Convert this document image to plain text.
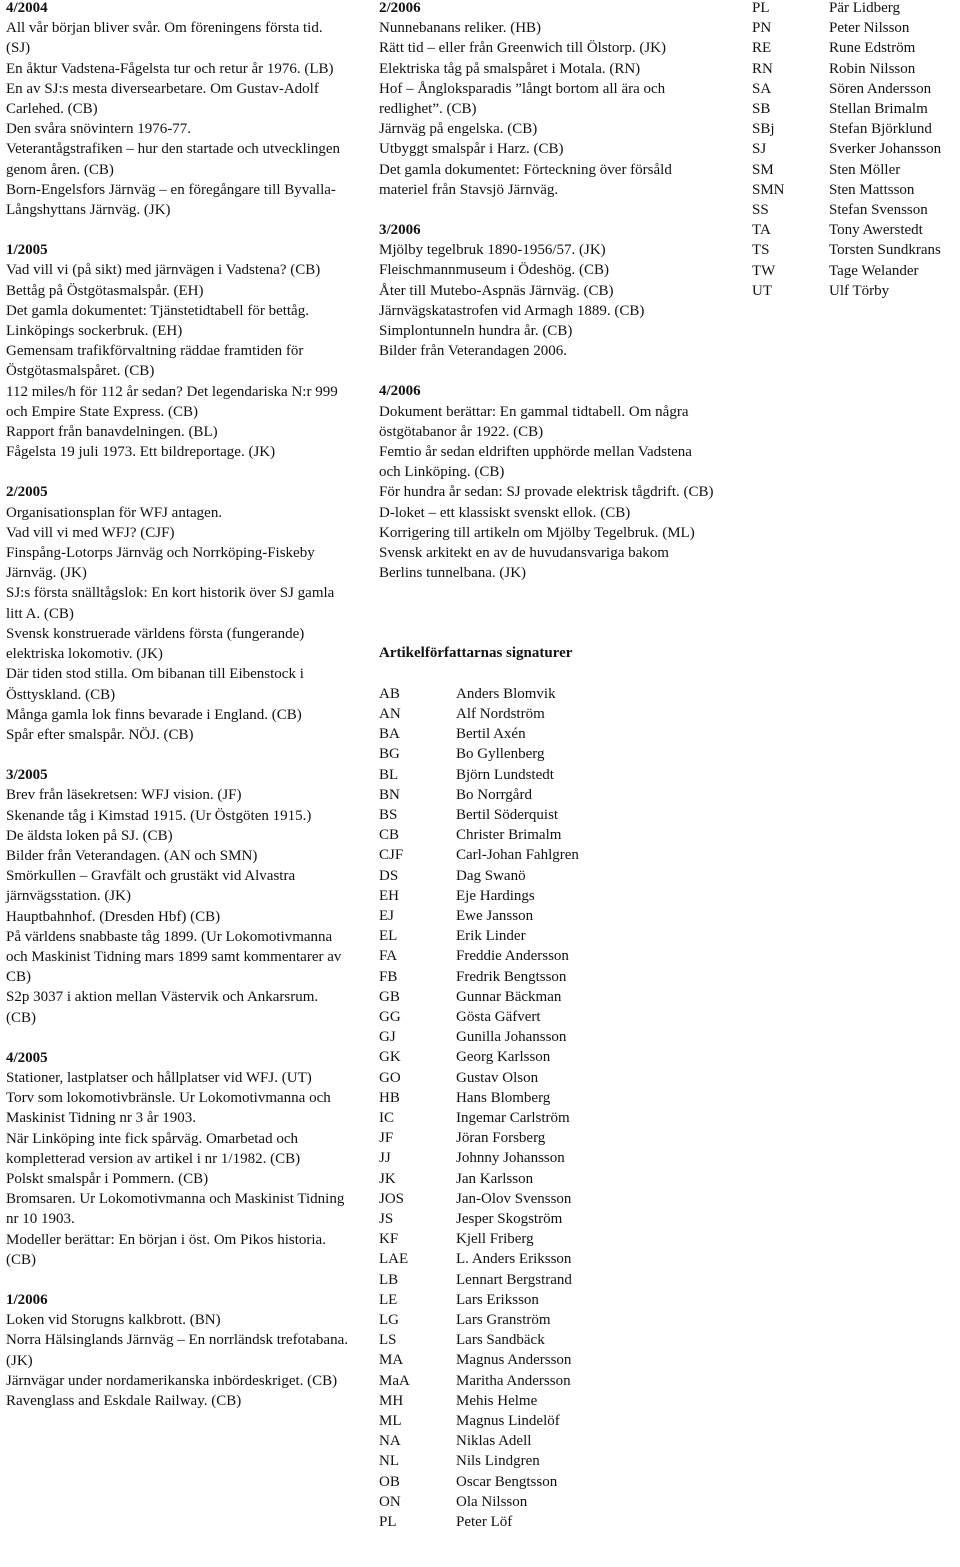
4/2004
All vår början bliver svår. Om föreningens första tid. (SJ)
En åktur Vadstena-Fågelsta tur och retur år 1976. (LB)
En av SJ:s mesta diversearbetare. Om Gustav-Adolf Carlehed. (CB)
Den svåra snövintern 1976-77.
Veterantågstrafiken – hur den startade och utvecklingen genom åren. (CB)
Born-Engelsfors Järnväg – en föregångare till Byvalla-Långshyttans Järnväg. (JK)
1/2005
Vad vill vi (på sikt) med järnvägen i Vadstena? (CB)
Bettåg på Östgötasmalspår. (EH)
Det gamla dokumentet: Tjänstetidtabell för bettåg.
Linköpings sockerbruk. (EH)
Gemensam trafikförvaltning räddae framtiden för Östgötasmalspåret. (CB)
112 miles/h för 112 år sedan? Det legendariska N:r 999 och Empire State Express. (CB)
Rapport från banavdelningen. (BL)
Fågelsta 19 juli 1973. Ett bildreportage. (JK)
2/2005
Organisationsplan för WFJ antagen.
Vad vill vi med WFJ? (CJF)
Finspång-Lotorps Järnväg och Norrköping-Fiskeby Järnväg. (JK)
SJ:s första snälltågslok: En kort historik över SJ gamla litt A. (CB)
Svensk konstruerade världens första (fungerande) elektriska lokomotiv. (JK)
Där tiden stod stilla. Om bibanan till Eibenstock i Östtyskland. (CB)
Många gamla lok finns bevarade i England. (CB)
Spår efter smalspår. NÖJ. (CB)
3/2005
Brev från läsekretsen: WFJ vision. (JF)
Skenande tåg i Kimstad 1915. (Ur Östgöten 1915.)
De äldsta loken på SJ. (CB)
Bilder från Veterandagen. (AN och SMN)
Smörkullen – Gravfält och grustäkt vid Alvastra järnvägsstation. (JK)
Hauptbahnhof. (Dresden Hbf) (CB)
På världens snabbaste tåg 1899. (Ur Lokomotivmanna och Maskinist Tidning mars 1899 samt kommentarer av CB)
S2p 3037 i aktion mellan Västervik och Ankarsrum. (CB)
4/2005
Stationer, lastplatser och hållplatser vid WFJ. (UT)
Torv som lokomotivbränsle. Ur Lokomotivmanna och Maskinist Tidning nr 3 år 1903.
När Linköping inte fick spårväg. Omarbetad och kompletterad version av artikel i nr 1/1982. (CB)
Polskt smalspår i Pommern. (CB)
Bromsaren. Ur Lokomotivmanna och Maskinist Tidning nr 10 1903.
Modeller berättar: En början i öst. Om Pikos historia. (CB)
1/2006
Loken vid Storugns kalkbrott. (BN)
Norra Hälsinglands Järnväg – En norrländsk trefotabana. (JK)
Järnvägar under nordamerikanska inbördeskriget. (CB)
Ravenglass and Eskdale Railway. (CB)
2/2006
Nunnebanans reliker. (HB)
Rätt tid – eller från Greenwich till Ölstorp. (JK)
Elektriska tåg på smalspåret i Motala. (RN)
Hof – Ångloksparadis ”långt bortom all ära och redlighet”. (CB)
Järnväg på engelska. (CB)
Utbyggt smalspår i Harz. (CB)
Det gamla dokumentet: Förteckning över försåld materiel från Stavsjö Järnväg.
3/2006
Mjölby tegelbruk 1890-1956/57. (JK)
Fleischmannmuseum i Ödeshög. (CB)
Åter till Mutebo-Aspnäs Järnväg. (CB)
Järnvägskatastrofen vid Armagh 1889. (CB)
Simplontunneln hundra år. (CB)
Bilder från Veterandagen 2006.
4/2006
Dokument berättar: En gammal tidtabell. Om några östgötabanor år 1922. (CB)
Femtio år sedan eldriften upphörde mellan Vadstena och Linköping. (CB)
För hundra år sedan: SJ provade elektrisk tågdrift. (CB)
D-loket – ett klassiskt svenskt ellok. (CB)
Korrigering till artikeln om Mjölby Tegelbruk. (ML)
Svensk arkitekt en av de huvudansvariga bakom Berlins tunnelbana. (JK)
Artikelförfattarnas signaturer
AB	Anders Blomvik
AN	Alf Nordström
BA	Bertil Axén
BG	Bo Gyllenberg
BL	Björn Lundstedt
BN	Bo Norrgård
BS	Bertil Söderquist
CB	Christer Brimalm
CJF	Carl-Johan Fahlgren
DS	Dag Swanö
EH	Eje Hardings
EJ	Ewe Jansson
EL	Erik Linder
FA	Freddie Andersson
FB	Fredrik Bengtsson
GB	Gunnar Bäckman
GG	Gösta Gäfvert
GJ	Gunilla Johansson
GK	Georg Karlsson
GO	Gustav Olson
HB	Hans Blomberg
IC	Ingemar Carlström
JF	Jöran Forsberg
JJ	Johnny Johansson
JK	Jan Karlsson
JOS	Jan-Olov Svensson
JS	Jesper Skogström
KF	Kjell Friberg
LAE	L. Anders Eriksson
LB	Lennart Bergstrand
LE	Lars Eriksson
LG	Lars Granström
LS	Lars Sandbäck
MA	Magnus Andersson
MaA	Maritha Andersson
MH	Mehis Helme
ML	Magnus Lindelöf
NA	Niklas Adell
NL	Nils Lindgren
OB	Oscar Bengtsson
ON	Ola Nilsson
PL	Peter Löf
PL	Pär Lidberg
PN	Peter Nilsson
RE	Rune Edström
RN	Robin Nilsson
SA	Sören Andersson
SB	Stellan Brimalm
SBj	Stefan Björklund
SJ	Sverker Johansson
SM	Sten Möller
SMN	Sten Mattsson
SS	Stefan Svensson
TA	Tony Awerstedt
TS	Torsten Sundkrans
TW	Tage Welander
UT	Ulf Törby
